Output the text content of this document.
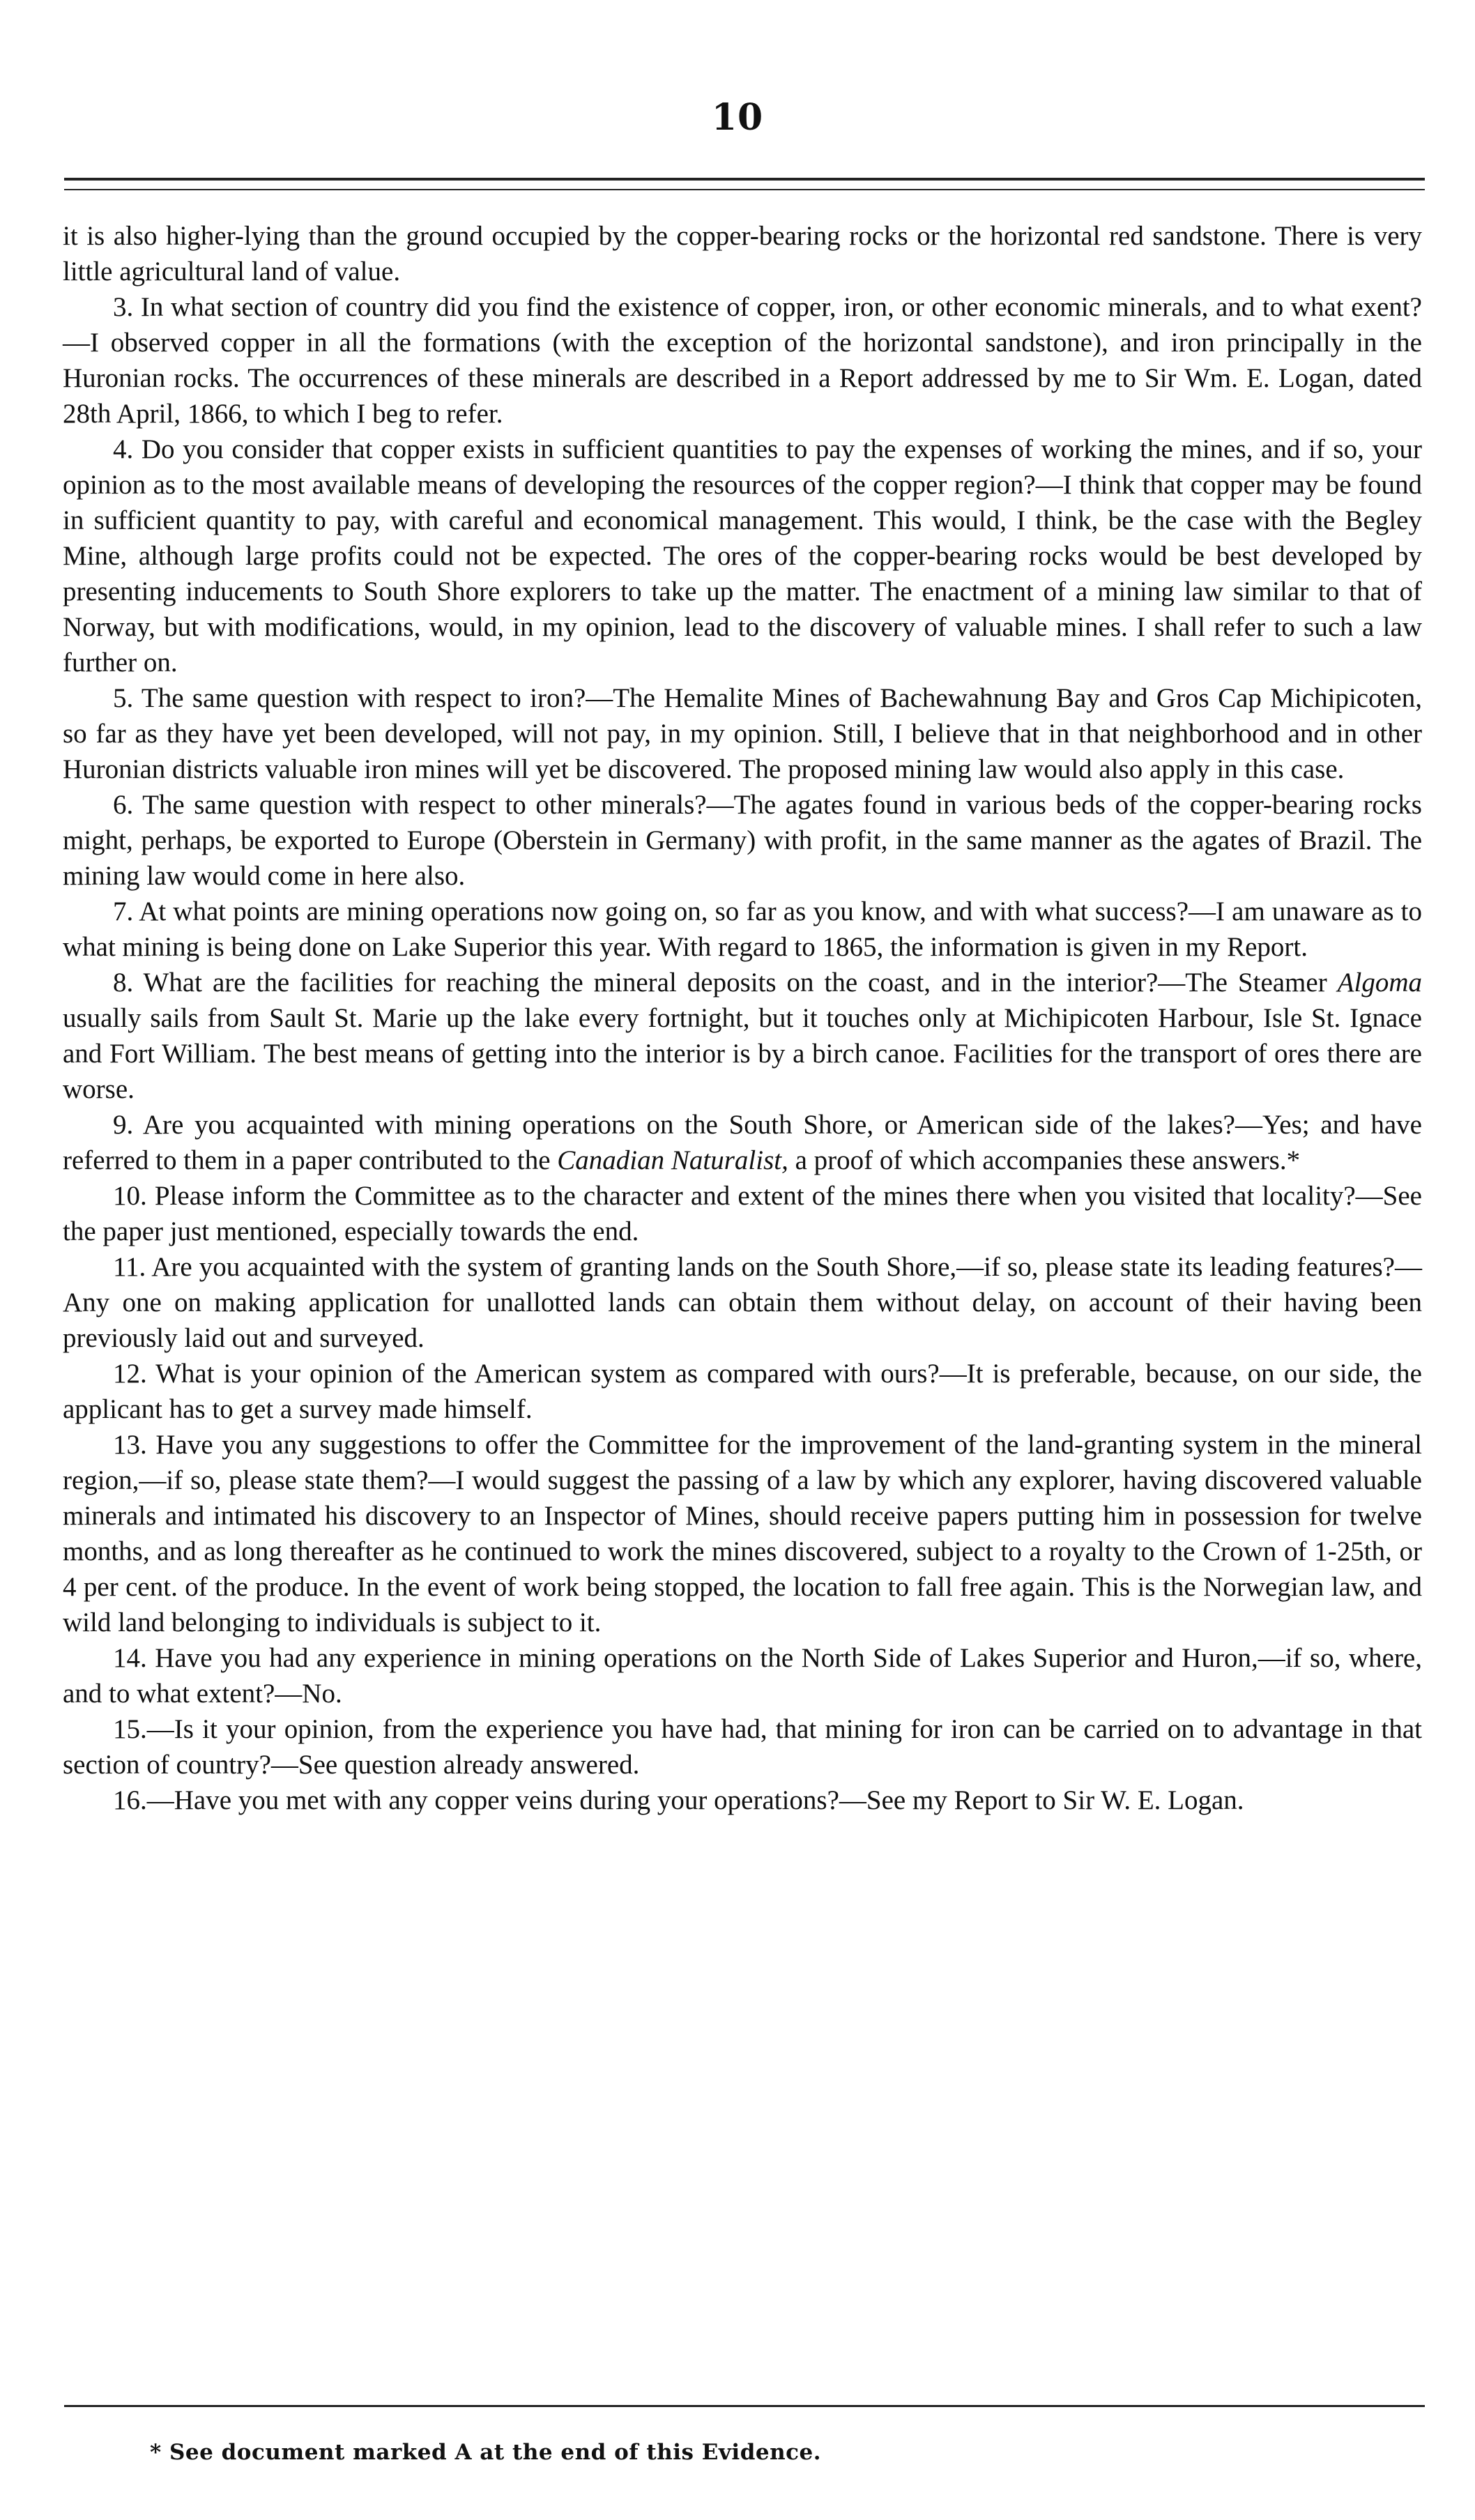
10

it is also higher-lying than the ground occupied by the copper-bearing rocks or the horizontal red sandstone. There is very little agricultural land of value.

3. In what section of country did you find the existence of copper, iron, or other economic minerals, and to what exent?—I observed copper in all the formations (with the exception of the horizontal sandstone), and iron principally in the Huronian rocks. The occurrences of these minerals are described in a Report addressed by me to Sir Wm. E. Logan, dated 28th April, 1866, to which I beg to refer.

4. Do you consider that copper exists in sufficient quantities to pay the expenses of working the mines, and if so, your opinion as to the most available means of developing the resources of the copper region?—I think that copper may be found in sufficient quantity to pay, with careful and economical management. This would, I think, be the case with the Begley Mine, although large profits could not be expected. The ores of the copper-bearing rocks would be best developed by presenting inducements to South Shore explorers to take up the matter. The enactment of a mining law similar to that of Norway, but with modifications, would, in my opinion, lead to the discovery of valuable mines. I shall refer to such a law further on.

5. The same question with respect to iron?—The Hemalite Mines of Bachewahnung Bay and Gros Cap Michipicoten, so far as they have yet been developed, will not pay, in my opinion. Still, I believe that in that neighborhood and in other Huronian districts valuable iron mines will yet be discovered. The proposed mining law would also apply in this case.

6. The same question with respect to other minerals?—The agates found in various beds of the copper-bearing rocks might, perhaps, be exported to Europe (Oberstein in Germany) with profit, in the same manner as the agates of Brazil. The mining law would come in here also.

7. At what points are mining operations now going on, so far as you know, and with what success?—I am unaware as to what mining is being done on Lake Superior this year. With regard to 1865, the information is given in my Report.

8. What are the facilities for reaching the mineral deposits on the coast, and in the interior?—The Steamer Algoma usually sails from Sault St. Marie up the lake every fortnight, but it touches only at Michipicoten Harbour, Isle St. Ignace and Fort William. The best means of getting into the interior is by a birch canoe. Facilities for the transport of ores there are worse.

9. Are you acquainted with mining operations on the South Shore, or American side of the lakes?—Yes; and have referred to them in a paper contributed to the Canadian Naturalist, a proof of which accompanies these answers.*

10. Please inform the Committee as to the character and extent of the mines there when you visited that locality?—See the paper just mentioned, especially towards the end.

11. Are you acquainted with the system of granting lands on the South Shore,—if so, please state its leading features?—Any one on making application for unallotted lands can obtain them without delay, on account of their having been previously laid out and surveyed.

12. What is your opinion of the American system as compared with ours?—It is preferable, because, on our side, the applicant has to get a survey made himself.

13. Have you any suggestions to offer the Committee for the improvement of the land-granting system in the mineral region,—if so, please state them?—I would suggest the passing of a law by which any explorer, having discovered valuable minerals and intimated his discovery to an Inspector of Mines, should receive papers putting him in possession for twelve months, and as long thereafter as he continued to work the mines discovered, subject to a royalty to the Crown of 1-25th, or 4 per cent. of the produce. In the event of work being stopped, the location to fall free again. This is the Norwegian law, and wild land belonging to individuals is subject to it.

14. Have you had any experience in mining operations on the North Side of Lakes Superior and Huron,—if so, where, and to what extent?—No.

15.—Is it your opinion, from the experience you have had, that mining for iron can be carried on to advantage in that section of country?—See question already answered.

16.—Have you met with any copper veins during your operations?—See my Report to Sir W. E. Logan.

* See document marked A at the end of this Evidence.
